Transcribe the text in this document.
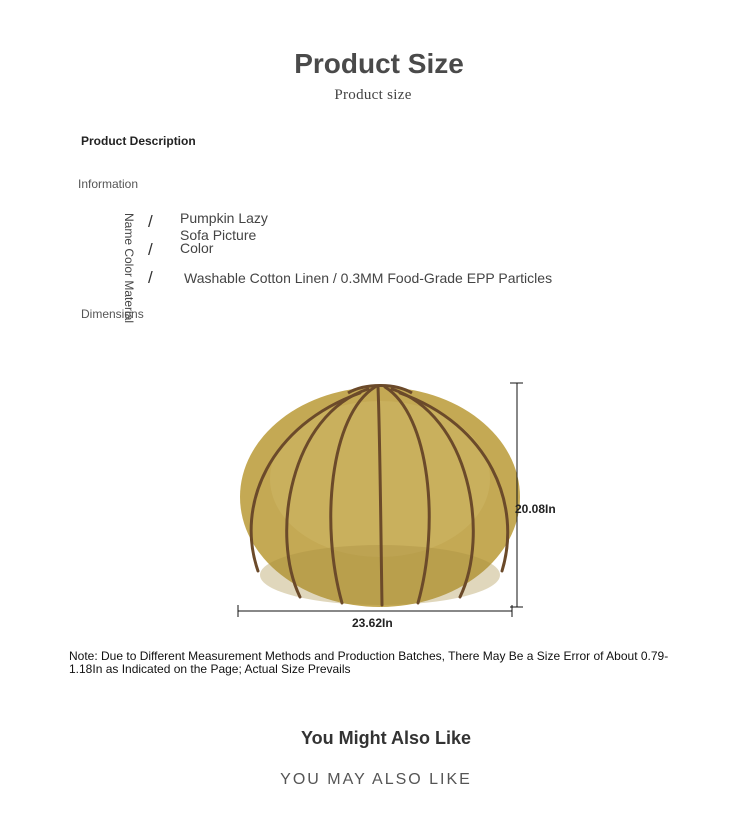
Product Size
Product size
Product Description
Information
Name Color Material /
/
/
Pumpkin Lazy Sofa Picture
Color
Washable Cotton Linen / 0.3MM Food-Grade EPP Particles
Dimensions
20.08In
23.62In
Note: Due to Different Measurement Methods and Production Batches, There May Be a Size Error of About 0.79-1.18In as Indicated on the Page; Actual Size Prevails
You Might Also Like
YOU MAY ALSO LIKE
